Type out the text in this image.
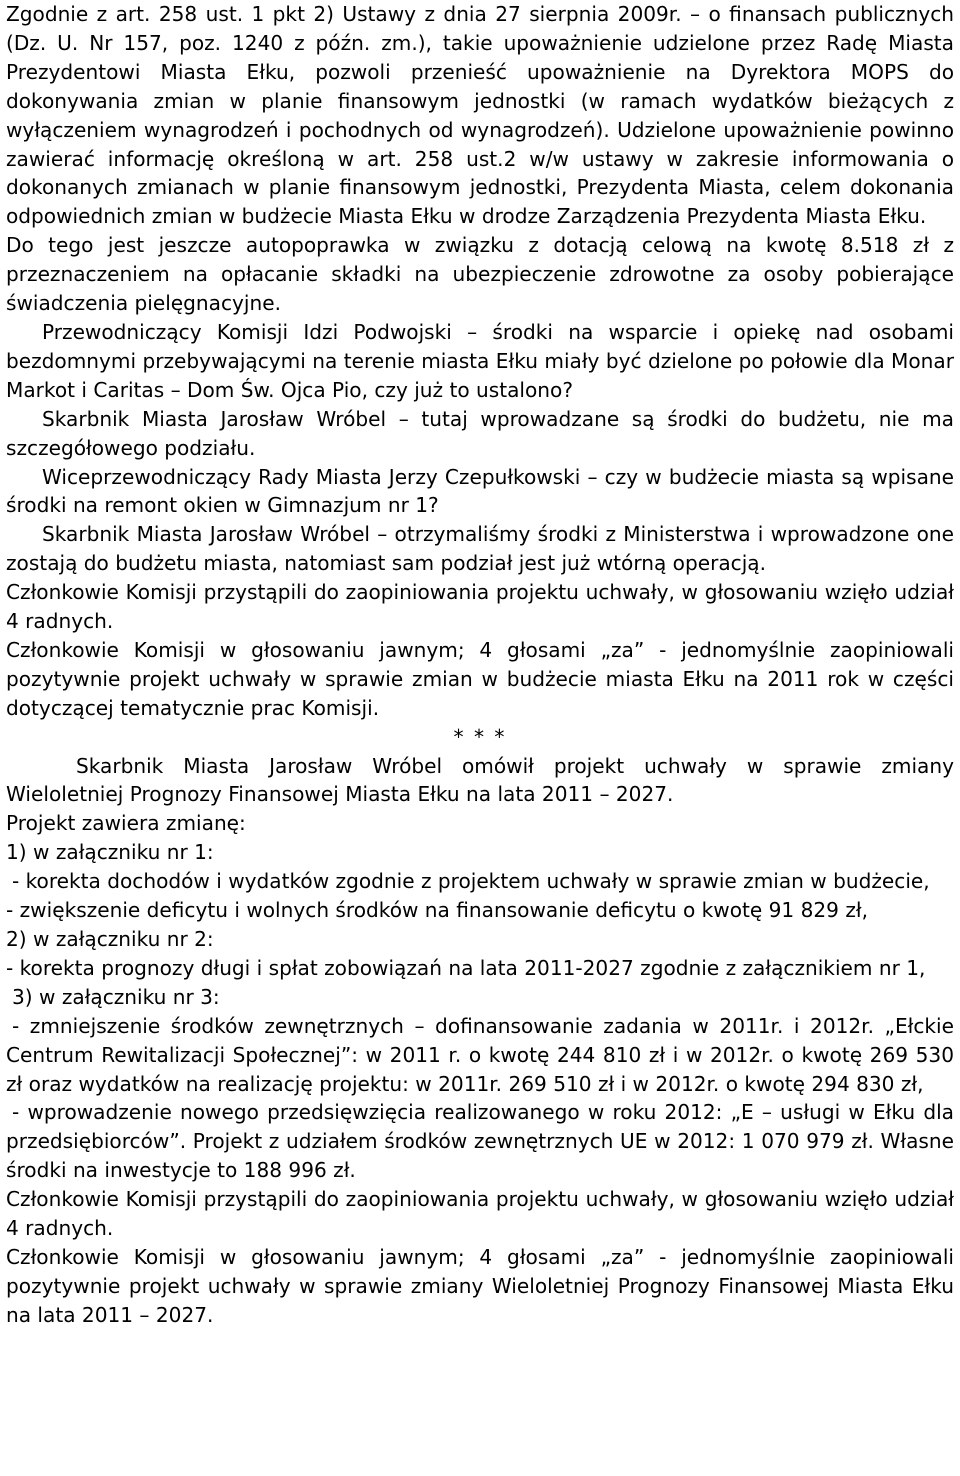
Zgodnie z art. 258 ust. 1 pkt 2) Ustawy z dnia 27 sierpnia 2009r. – o finansach publicznych (Dz. U. Nr 157, poz. 1240 z późn. zm.), takie upoważnienie udzielone przez Radę Miasta Prezydentowi Miasta Ełku, pozwoli przenieść upoważnienie na Dyrektora MOPS do dokonywania zmian w planie finansowym jednostki (w ramach wydatków bieżących z wyłączeniem wynagrodzeń i pochodnych od wynagrodzeń). Udzielone upoważnienie powinno zawierać informację określoną w art. 258 ust.2 w/w ustawy w zakresie informowania o dokonanych zmianach w planie finansowym jednostki, Prezydenta Miasta, celem dokonania odpowiednich zmian w budżecie Miasta Ełku w drodze Zarządzenia Prezydenta Miasta Ełku.

Do tego jest jeszcze autopoprawka w związku z dotacją celową na kwotę 8.518 zł z przeznaczeniem na opłacanie składki na ubezpieczenie zdrowotne za osoby pobierające świadczenia pielęgnacyjne.

Przewodniczący Komisji Idzi Podwojski – środki na wsparcie i opiekę nad osobami bezdomnymi przebywającymi na terenie miasta Ełku miały być dzielone po połowie dla Monar Markot i Caritas – Dom Św. Ojca Pio, czy już to ustalono?

Skarbnik Miasta Jarosław Wróbel – tutaj wprowadzane są środki do budżetu, nie ma szczegółowego podziału.

Wiceprzewodniczący Rady Miasta Jerzy Czepułkowski – czy w budżecie miasta są wpisane środki na remont okien w Gimnazjum nr 1?

Skarbnik Miasta Jarosław Wróbel – otrzymaliśmy środki z Ministerstwa i wprowadzone one zostają do budżetu miasta, natomiast sam podział jest już wtórną operacją.

Członkowie Komisji przystąpili do zaopiniowania projektu uchwały, w głosowaniu wzięło udział 4 radnych.

Członkowie Komisji w głosowaniu jawnym; 4 głosami „za” - jednomyślnie zaopiniowali pozytywnie projekt uchwały w sprawie zmian w budżecie miasta Ełku na 2011 rok w części dotyczącej tematycznie prac Komisji.

* * *

Skarbnik Miasta Jarosław Wróbel omówił projekt uchwały w sprawie zmiany Wieloletniej Prognozy Finansowej Miasta Ełku na lata 2011 – 2027.

Projekt zawiera zmianę:

1) w załączniku nr 1:

- korekta dochodów i wydatków zgodnie z projektem uchwały w sprawie zmian w budżecie,

- zwiększenie deficytu i wolnych środków na finansowanie deficytu o kwotę 91 829 zł,

2) w załączniku nr 2:

- korekta prognozy długi i spłat zobowiązań na lata 2011-2027 zgodnie z załącznikiem nr 1,

3) w załączniku nr 3:

- zmniejszenie środków zewnętrznych – dofinansowanie zadania w 2011r. i 2012r. „Ełckie Centrum Rewitalizacji Społecznej”: w 2011 r. o kwotę 244 810 zł i w 2012r. o kwotę 269 530 zł oraz wydatków na realizację projektu: w 2011r. 269 510 zł i w 2012r. o kwotę 294 830 zł,

- wprowadzenie nowego przedsięwzięcia realizowanego w roku 2012: „E – usługi w Ełku dla przedsiębiorców”. Projekt z udziałem środków zewnętrznych UE w 2012: 1 070 979 zł. Własne środki na inwestycje to 188 996 zł.

Członkowie Komisji przystąpili do zaopiniowania projektu uchwały, w głosowaniu wzięło udział 4 radnych.

Członkowie Komisji w głosowaniu jawnym; 4 głosami „za” - jednomyślnie zaopiniowali pozytywnie projekt uchwały w sprawie zmiany Wieloletniej Prognozy Finansowej Miasta Ełku na lata 2011 – 2027.
